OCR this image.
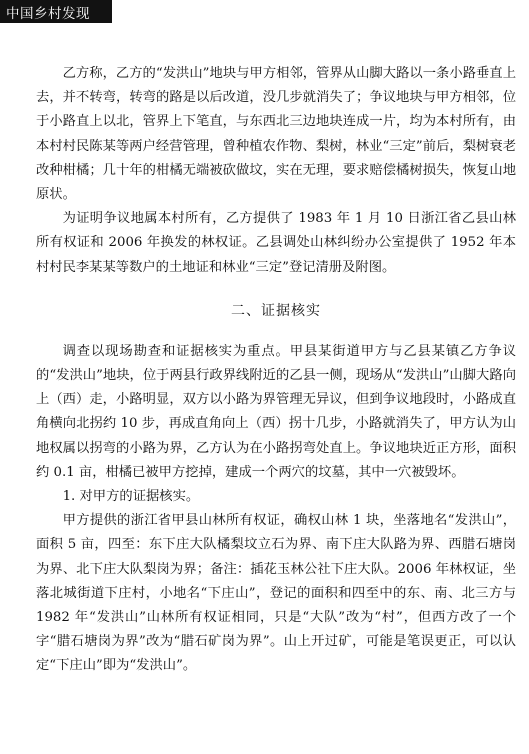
中国乡村发现

乙方称，乙方的“发洪山”地块与甲方相邻，管界从山脚大路以一条小路垂直上去，并不转弯，转弯的路是以后改道，没几步就消失了；争议地块与甲方相邻，位于小路直上以北，管界上下笔直，与东西北三边地块连成一片，均为本村所有，由本村村民陈某等两户经营管理，曾种植农作物、梨树，林业“三定”前后，梨树衰老改种柑橘；几十年的柑橘无端被砍做坟，实在无理，要求赔偿橘树损失，恢复山地原状。

为证明争议地属本村所有，乙方提供了 1983 年 1 月 10 日浙江省乙县山林所有权证和 2006 年换发的林权证。乙县调处山林纠纷办公室提供了 1952 年本村村民李某某等数户的土地证和林业“三定”登记清册及附图。

二、证据核实

调查以现场勘查和证据核实为重点。甲县某街道甲方与乙县某镇乙方争议的“发洪山”地块，位于两县行政界线附近的乙县一侧，现场从“发洪山”山脚大路向上（西）走，小路明显，双方以小路为界管理无异议，但到争议地段时，小路成直角横向北拐约 10 步，再成直角向上（西）拐十几步，小路就消失了，甲方认为山地权属以拐弯的小路为界，乙方认为在小路拐弯处直上。争议地块近正方形，面积约 0.1 亩，柑橘已被甲方挖掉，建成一个两穴的坟墓，其中一穴被毁坏。

1. 对甲方的证据核实。

甲方提供的浙江省甲县山林所有权证，确权山林 1 块，坐落地名“发洪山”，面积 5 亩，四至：东下庄大队橘梨坟立石为界、南下庄大队路为界、西腊石塘岗为界、北下庄大队梨岗为界；备注：插花玉林公社下庄大队。2006 年林权证，坐落北城街道下庄村，小地名“下庄山”，登记的面积和四至中的东、南、北三方与 1982 年“发洪山”山林所有权证相同，只是“大队”改为“村”，但西方改了一个字“腊石塘岗为界”改为“腊石矿岗为界”。山上开过矿，可能是笔误更正，可以认定“下庄山”即为“发洪山”。
